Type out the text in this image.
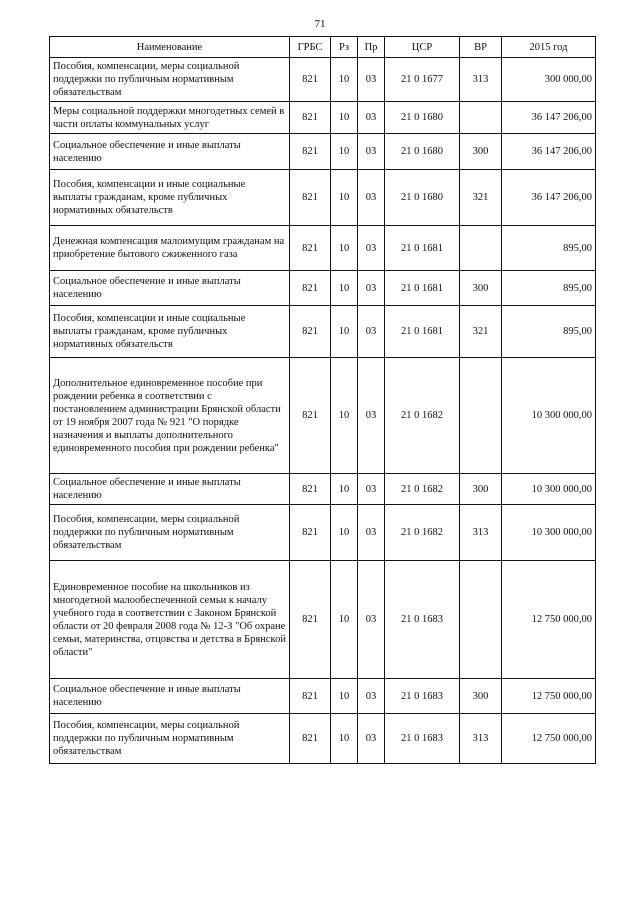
71
Наименование	ГРБС	Рз	Пр	ЦСР	ВР	2015 год
Пособия, компенсации, меры социальной поддержки по публичным нормативным обязательствам	821	10	03	21 0 1677	313	300 000,00
Меры социальной поддержки многодетных семей в части оплаты коммунальных услуг	821	10	03	21 0 1680		36 147 206,00
Социальное обеспечение и иные выплаты населению	821	10	03	21 0 1680	300	36 147 206,00
Пособия, компенсации и иные социальные выплаты гражданам, кроме публичных нормативных обязательств	821	10	03	21 0 1680	321	36 147 206,00
Денежная компенсация малоимущим гражданам на приобретение бытового сжиженного газа	821	10	03	21 0 1681		895,00
Социальное обеспечение и иные выплаты населению	821	10	03	21 0 1681	300	895,00
Пособия, компенсации и иные социальные выплаты гражданам, кроме публичных нормативных обязательств	821	10	03	21 0 1681	321	895,00
Дополнительное единовременное пособие при рождении ребенка в соответствии с постановлением администрации Брянской области от 19 ноября 2007 года № 921 "О порядке назначения и выплаты дополнительного единовременного пособия при рождении ребенка"	821	10	03	21 0 1682		10 300 000,00
Социальное обеспечение и иные выплаты населению	821	10	03	21 0 1682	300	10 300 000,00
Пособия, компенсации, меры социальной поддержки по публичным нормативным обязательствам	821	10	03	21 0 1682	313	10 300 000,00
Единовременное пособие на школьников из многодетной малообеспеченной семьи к началу учебного года в соответствии с Законом Брянской области от 20 февраля 2008 года № 12-З "Об охране семьи, материнства, отцовства и детства в Брянской области"	821	10	03	21 0 1683		12 750 000,00
Социальное обеспечение и иные выплаты населению	821	10	03	21 0 1683	300	12 750 000,00
Пособия, компенсации, меры социальной поддержки по публичным нормативным обязательствам	821	10	03	21 0 1683	313	12 750 000,00
